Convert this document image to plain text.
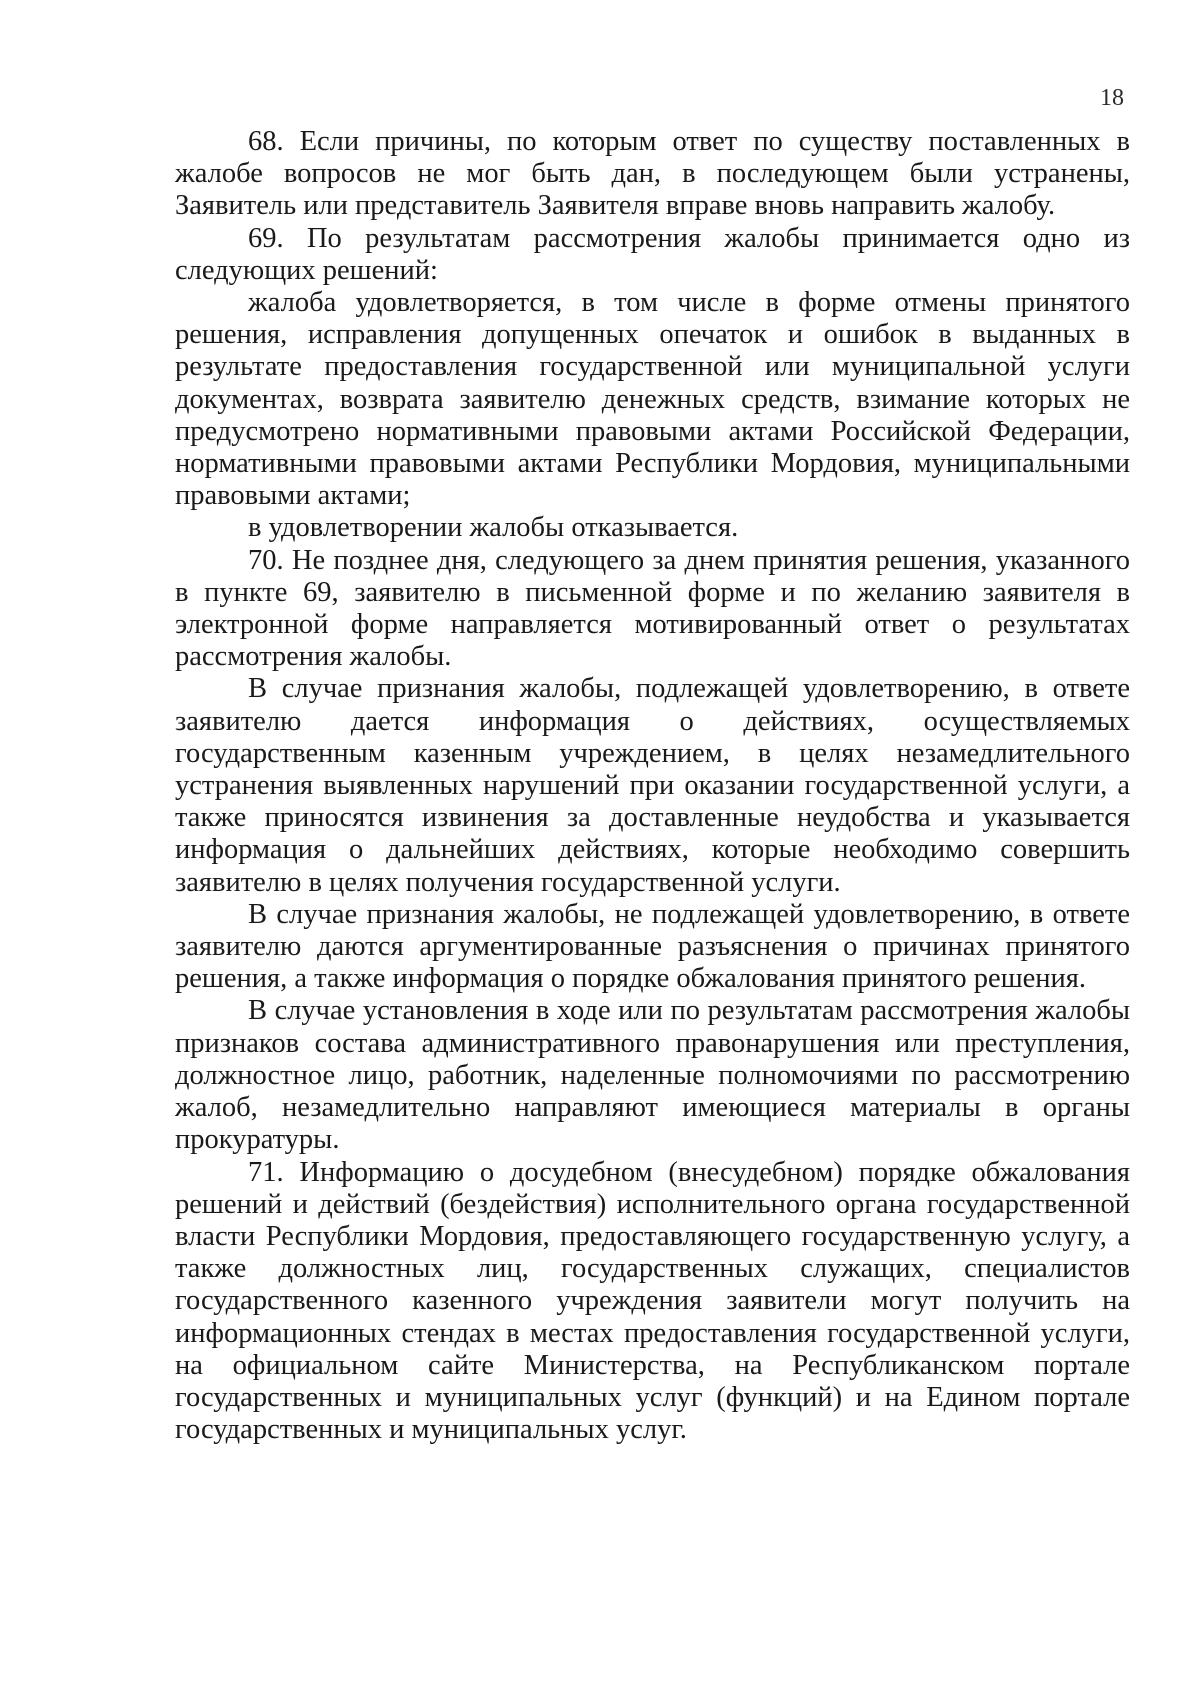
18

68. Если причины, по которым ответ по существу поставленных в жалобе вопросов не мог быть дан, в последующем были устранены, Заявитель или представитель Заявителя вправе вновь направить жалобу.

69. По результатам рассмотрения жалобы принимается одно из следующих решений:

жалоба удовлетворяется, в том числе в форме отмены принятого решения, исправления допущенных опечаток и ошибок в выданных в результате предоставления государственной или муниципальной услуги документах, возврата заявителю денежных средств, взимание которых не предусмотрено нормативными правовыми актами Российской Федерации, нормативными правовыми актами Республики Мордовия, муниципальными правовыми актами;

в удовлетворении жалобы отказывается.

70. Не позднее дня, следующего за днем принятия решения, указанного в пункте 69, заявителю в письменной форме и по желанию заявителя в электронной форме направляется мотивированный ответ о результатах рассмотрения жалобы.

В случае признания жалобы, подлежащей удовлетворению, в ответе заявителю дается информация о действиях, осуществляемых государственным казенным учреждением, в целях незамедлительного устранения выявленных нарушений при оказании государственной услуги, а также приносятся извинения за доставленные неудобства и указывается информация о дальнейших действиях, которые необходимо совершить заявителю в целях получения государственной услуги.

В случае признания жалобы, не подлежащей удовлетворению, в ответе заявителю даются аргументированные разъяснения о причинах принятого решения, а также информация о порядке обжалования принятого решения.

В случае установления в ходе или по результатам рассмотрения жалобы признаков состава административного правонарушения или преступления, должностное лицо, работник, наделенные полномочиями по рассмотрению жалоб, незамедлительно направляют имеющиеся материалы в органы прокуратуры.

71. Информацию о досудебном (внесудебном) порядке обжалования решений и действий (бездействия) исполнительного органа государственной власти Республики Мордовия, предоставляющего государственную услугу, а также должностных лиц, государственных служащих, специалистов государственного казенного учреждения заявители могут получить на информационных стендах в местах предоставления государственной услуги, на официальном сайте Министерства, на Республиканском портале государственных и муниципальных услуг (функций) и на Едином портале государственных и муниципальных услуг.
